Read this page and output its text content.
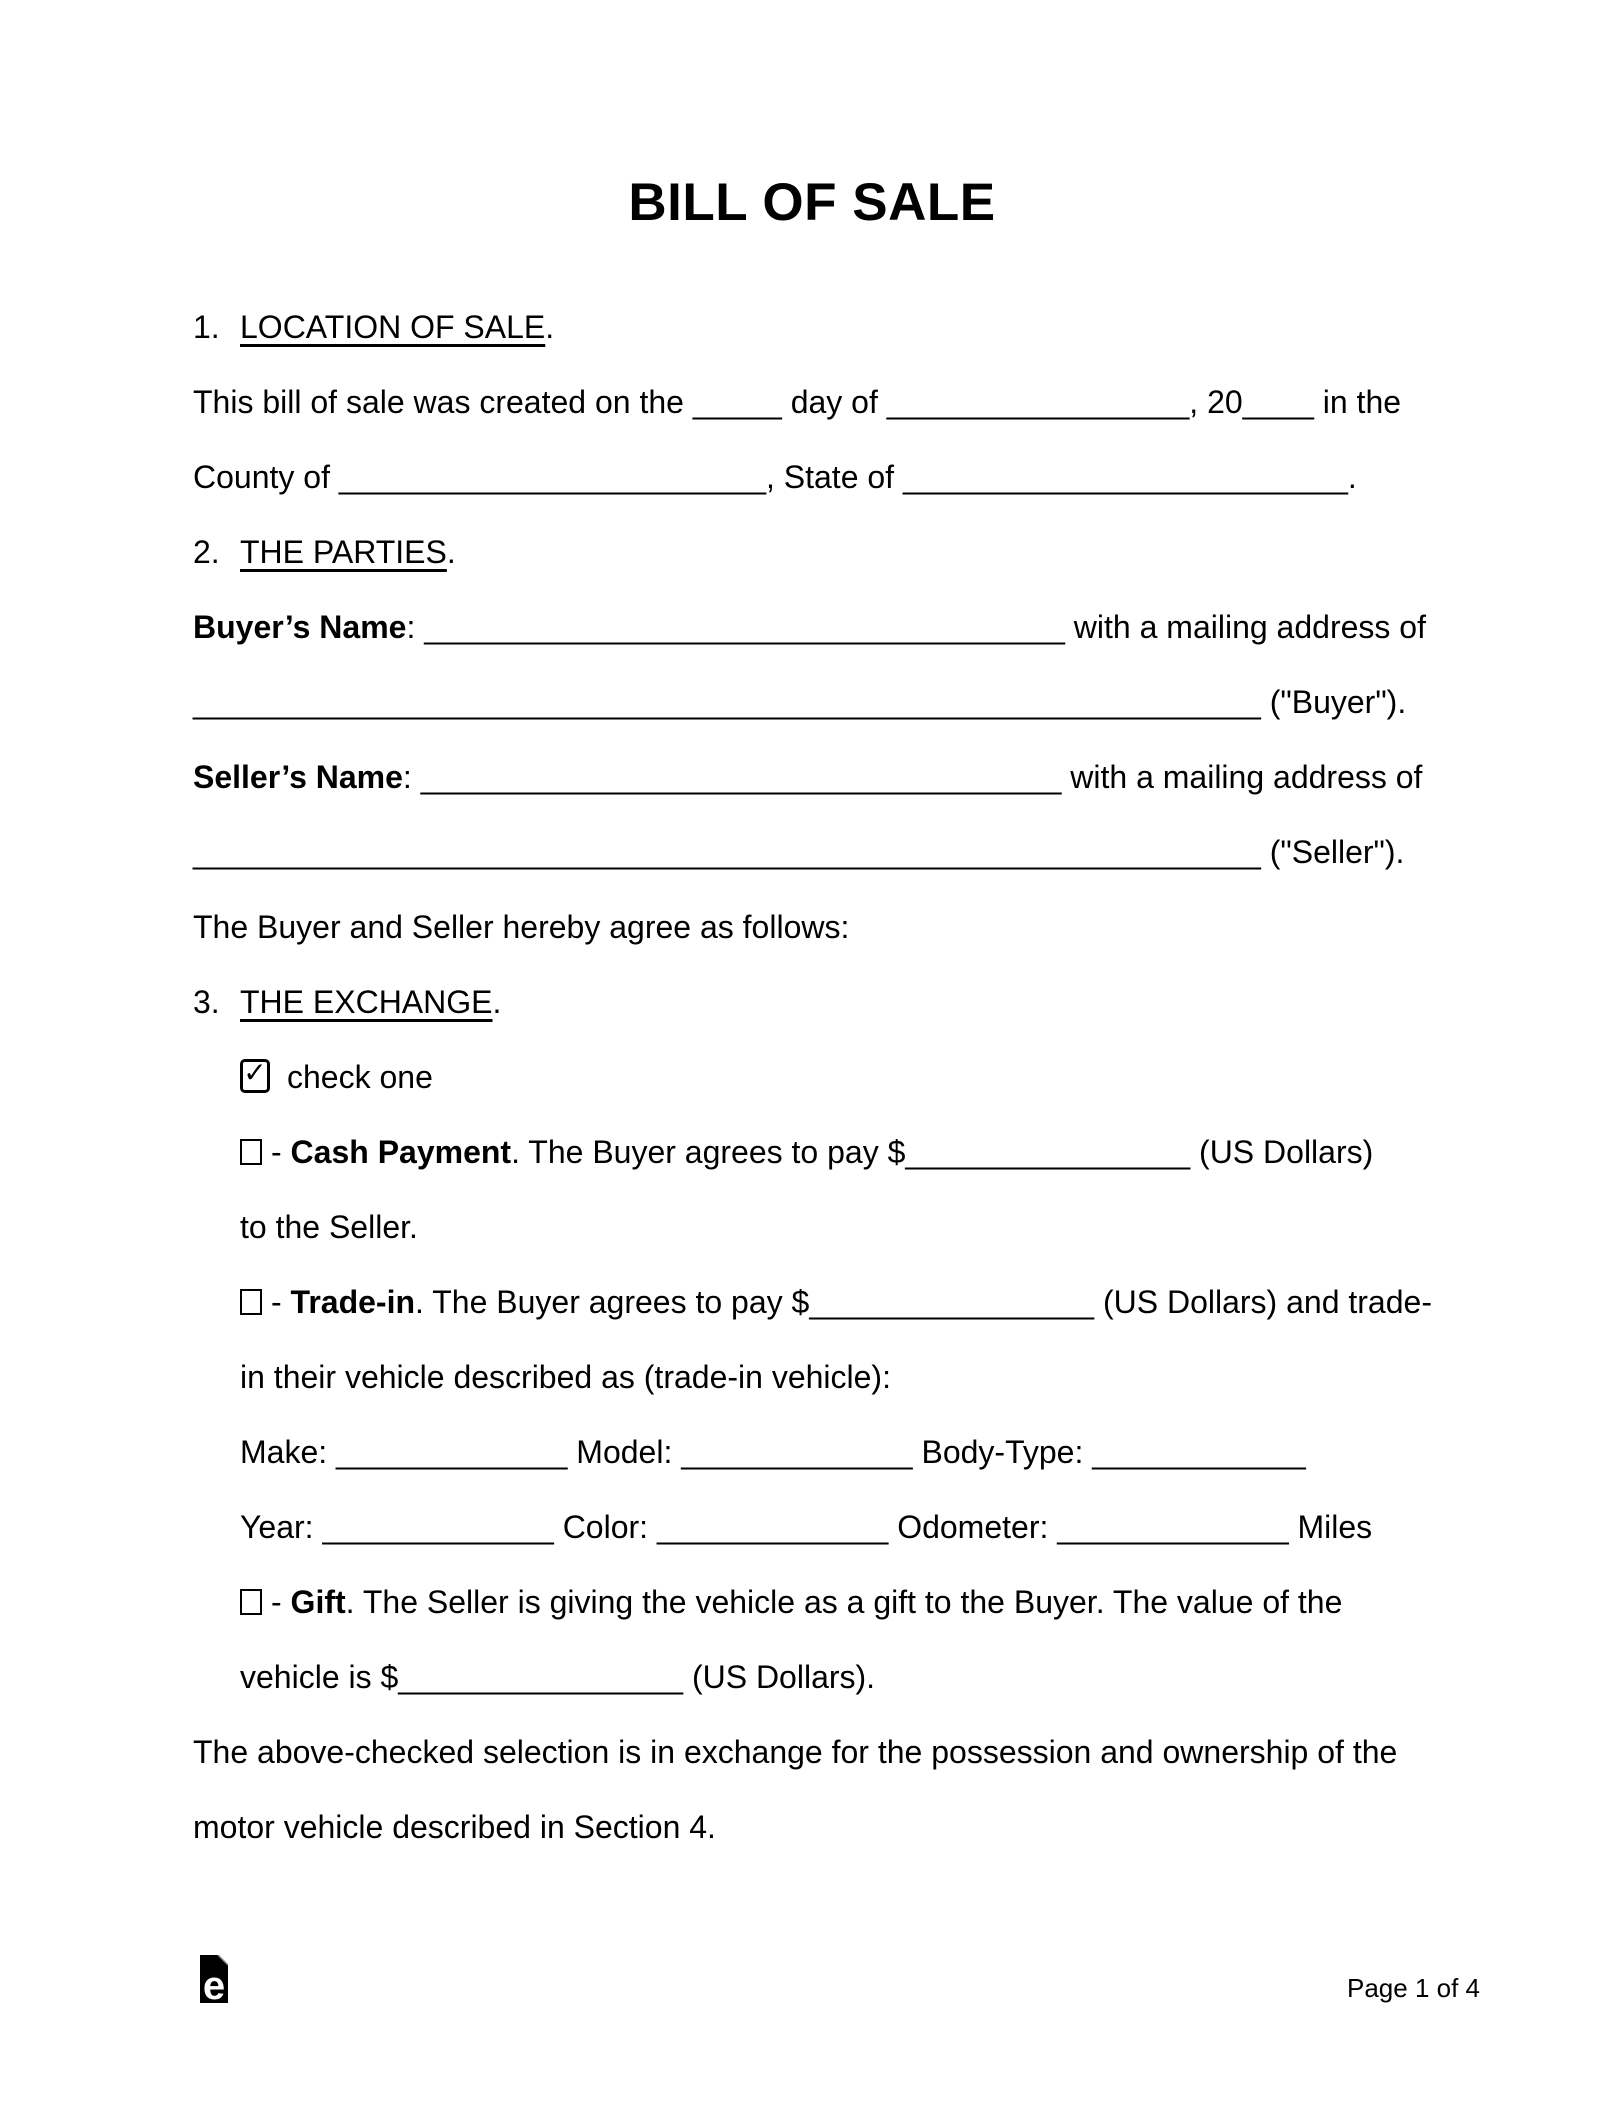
BILL OF SALE
1. LOCATION OF SALE.
This bill of sale was created on the _____ day of _________________, 20____ in the
County of ________________________, State of _________________________.
2. THE PARTIES.
Buyer’s Name: ____________________________________ with a mailing address of
____________________________________________________________ ("Buyer").
Seller’s Name: ____________________________________ with a mailing address of
____________________________________________________________ ("Seller").
The Buyer and Seller hereby agree as follows:
3. THE EXCHANGE.
✓ check one
- Cash Payment. The Buyer agrees to pay $________________ (US Dollars)
to the Seller.
- Trade-in. The Buyer agrees to pay $________________ (US Dollars) and trade-
in their vehicle described as (trade-in vehicle):
Make: _____________ Model: _____________ Body-Type: ____________
Year: _____________ Color: _____________ Odometer: _____________ Miles
- Gift. The Seller is giving the vehicle as a gift to the Buyer. The value of the
vehicle is $________________ (US Dollars).
The above-checked selection is in exchange for the possession and ownership of the
motor vehicle described in Section 4.
e	Page 1 of 4
